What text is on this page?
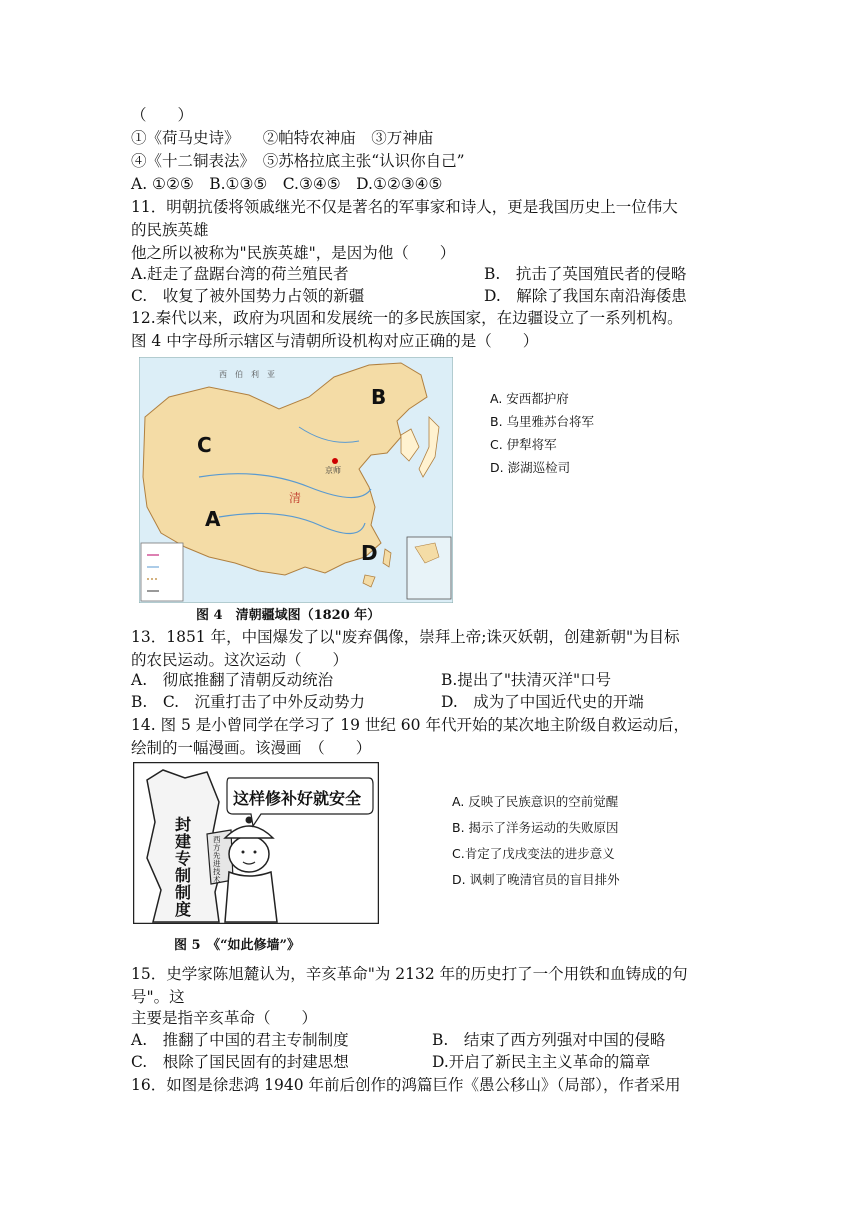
（　　）
①《荷马史诗》　　②帕特农神庙　③万神庙
④《十二铜表法》　⑤苏格拉底主张“认识你自己”
A. ①②⑤　B.①③⑤　C.③④⑤　D.①②③④⑤
11．明朝抗倭将领戚继光不仅是著名的军事家和诗人，更是我国历史上一位伟大
的民族英雄
他之所以被称为"民族英雄"，是因为他（　　）
A.赶走了盘踞台湾的荷兰殖民者	B.　抗击了英国殖民者的侵略
C.　收复了被外国势力占领的新疆	D.　解除了我国东南沿海倭患
12.秦代以来，政府为巩固和发展统一的多民族国家，在边疆设立了一系列机构。
图 4 中字母所示辖区与清朝所设机构对应正确的是（　　）
西　伯　利　亚
京师
清
A
B
C
D
A. 安西都护府
B. 乌里雅苏台将军
C. 伊犁将军
D. 澎湖巡检司
图 4　清朝疆域图（1820 年）
13．1851 年，中国爆发了以"废弃偶像，崇拜上帝;诛灭妖朝，创建新朝"为目标
的农民运动。这次运动（　　）
A.　彻底推翻了清朝反动统治	B.提出了"扶清灭洋"口号
B.　C.　沉重打击了中外反动势力	D.　成为了中国近代史的开端
14. 图 5 是小曾同学在学习了 19 世纪 60 年代开始的某次地主阶级自救运动后，
绘制的一幅漫画。该漫画　（　　）
这样修补好就安全
封
建
专
制
制
度
西方先进技术
A. 反映了民族意识的空前觉醒
B. 揭示了洋务运动的失败原因
C.肯定了戊戌变法的进步意义
D. 讽刺了晚清官员的盲目排外
图 5　《“如此修墙”》
15．史学家陈旭麓认为，辛亥革命"为 2132 年的历史打了一个用铁和血铸成的句
号"。这
主要是指辛亥革命（　　）
A.　推翻了中国的君主专制制度	B.　结束了西方列强对中国的侵略
C.　根除了国民固有的封建思想	D.开启了新民主主义革命的篇章
16．如图是徐悲鸿 1940 年前后创作的鸿篇巨作《愚公移山》（局部），作者采用
